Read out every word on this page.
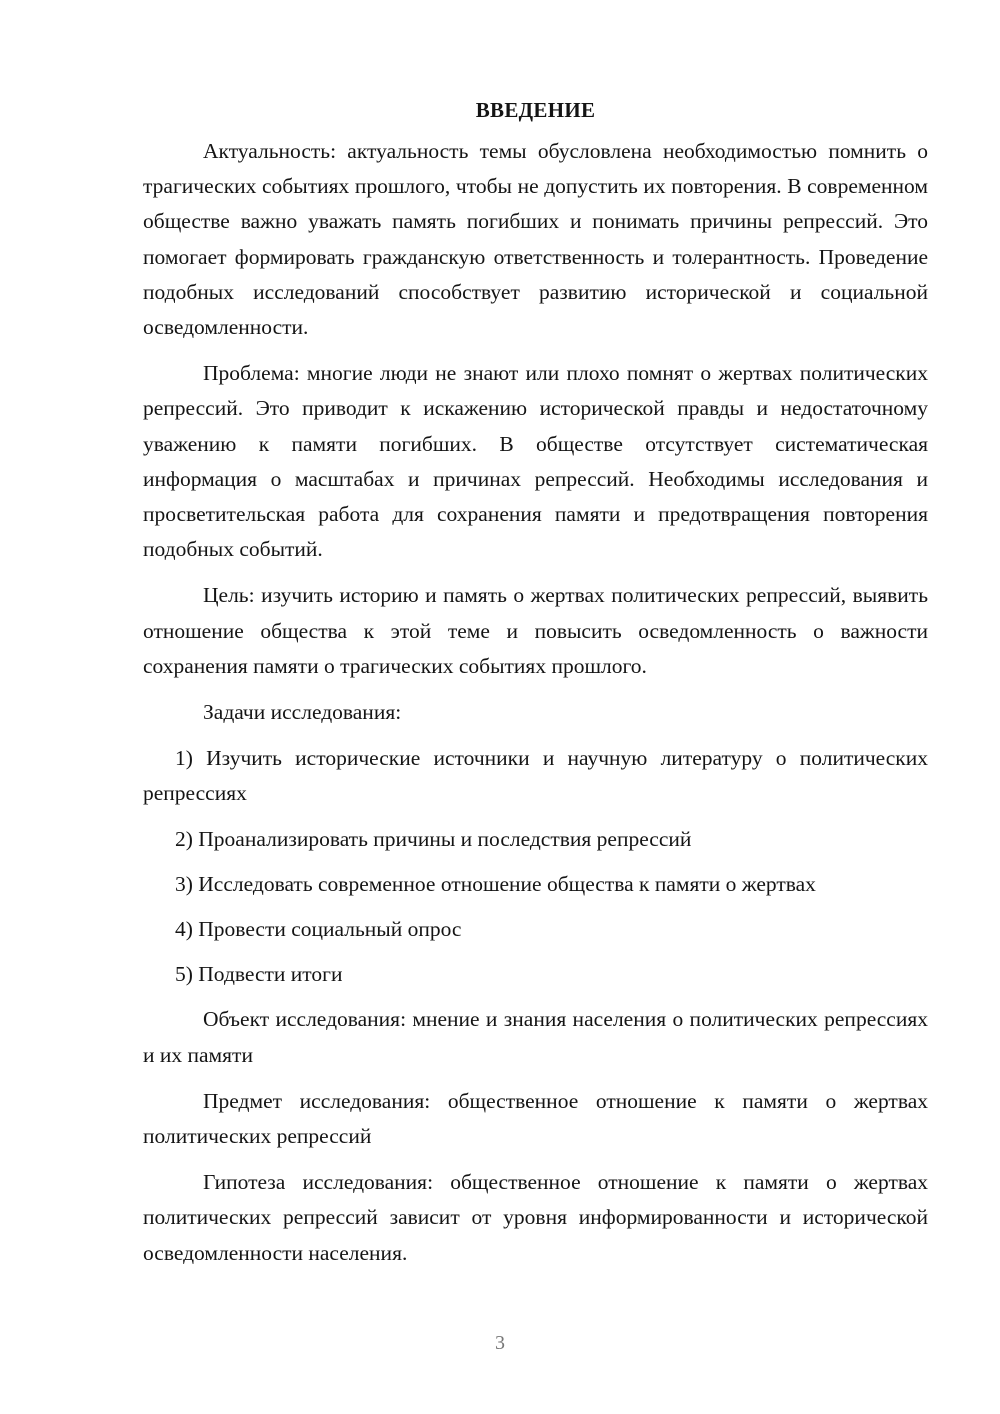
ВВЕДЕНИЕ

Актуальность: актуальность темы обусловлена необходимостью помнить о трагических событиях прошлого, чтобы не допустить их повторения. В современном обществе важно уважать память погибших и понимать причины репрессий. Это помогает формировать гражданскую ответственность и толерантность. Проведение подобных исследований способствует развитию исторической и социальной осведомленности.

Проблема: многие люди не знают или плохо помнят о жертвах политических репрессий. Это приводит к искажению исторической правды и недостаточному уважению к памяти погибших. В обществе отсутствует систематическая информация о масштабах и причинах репрессий. Необходимы исследования и просветительская работа для сохранения памяти и предотвращения повторения подобных событий.

Цель: изучить историю и память о жертвах политических репрессий, выявить отношение общества к этой теме и повысить осведомленность о важности сохранения памяти о трагических событиях прошлого.

Задачи исследования:

1) Изучить исторические источники и научную литературу о политических репрессиях

2) Проанализировать причины и последствия репрессий

3) Исследовать современное отношение общества к памяти о жертвах

4) Провести социальный опрос

5) Подвести итоги

Объект исследования: мнение и знания населения о политических репрессиях и их памяти

Предмет исследования: общественное отношение к памяти о жертвах политических репрессий

Гипотеза исследования: общественное отношение к памяти о жертвах политических репрессий зависит от уровня информированности и исторической осведомленности населения.

3
